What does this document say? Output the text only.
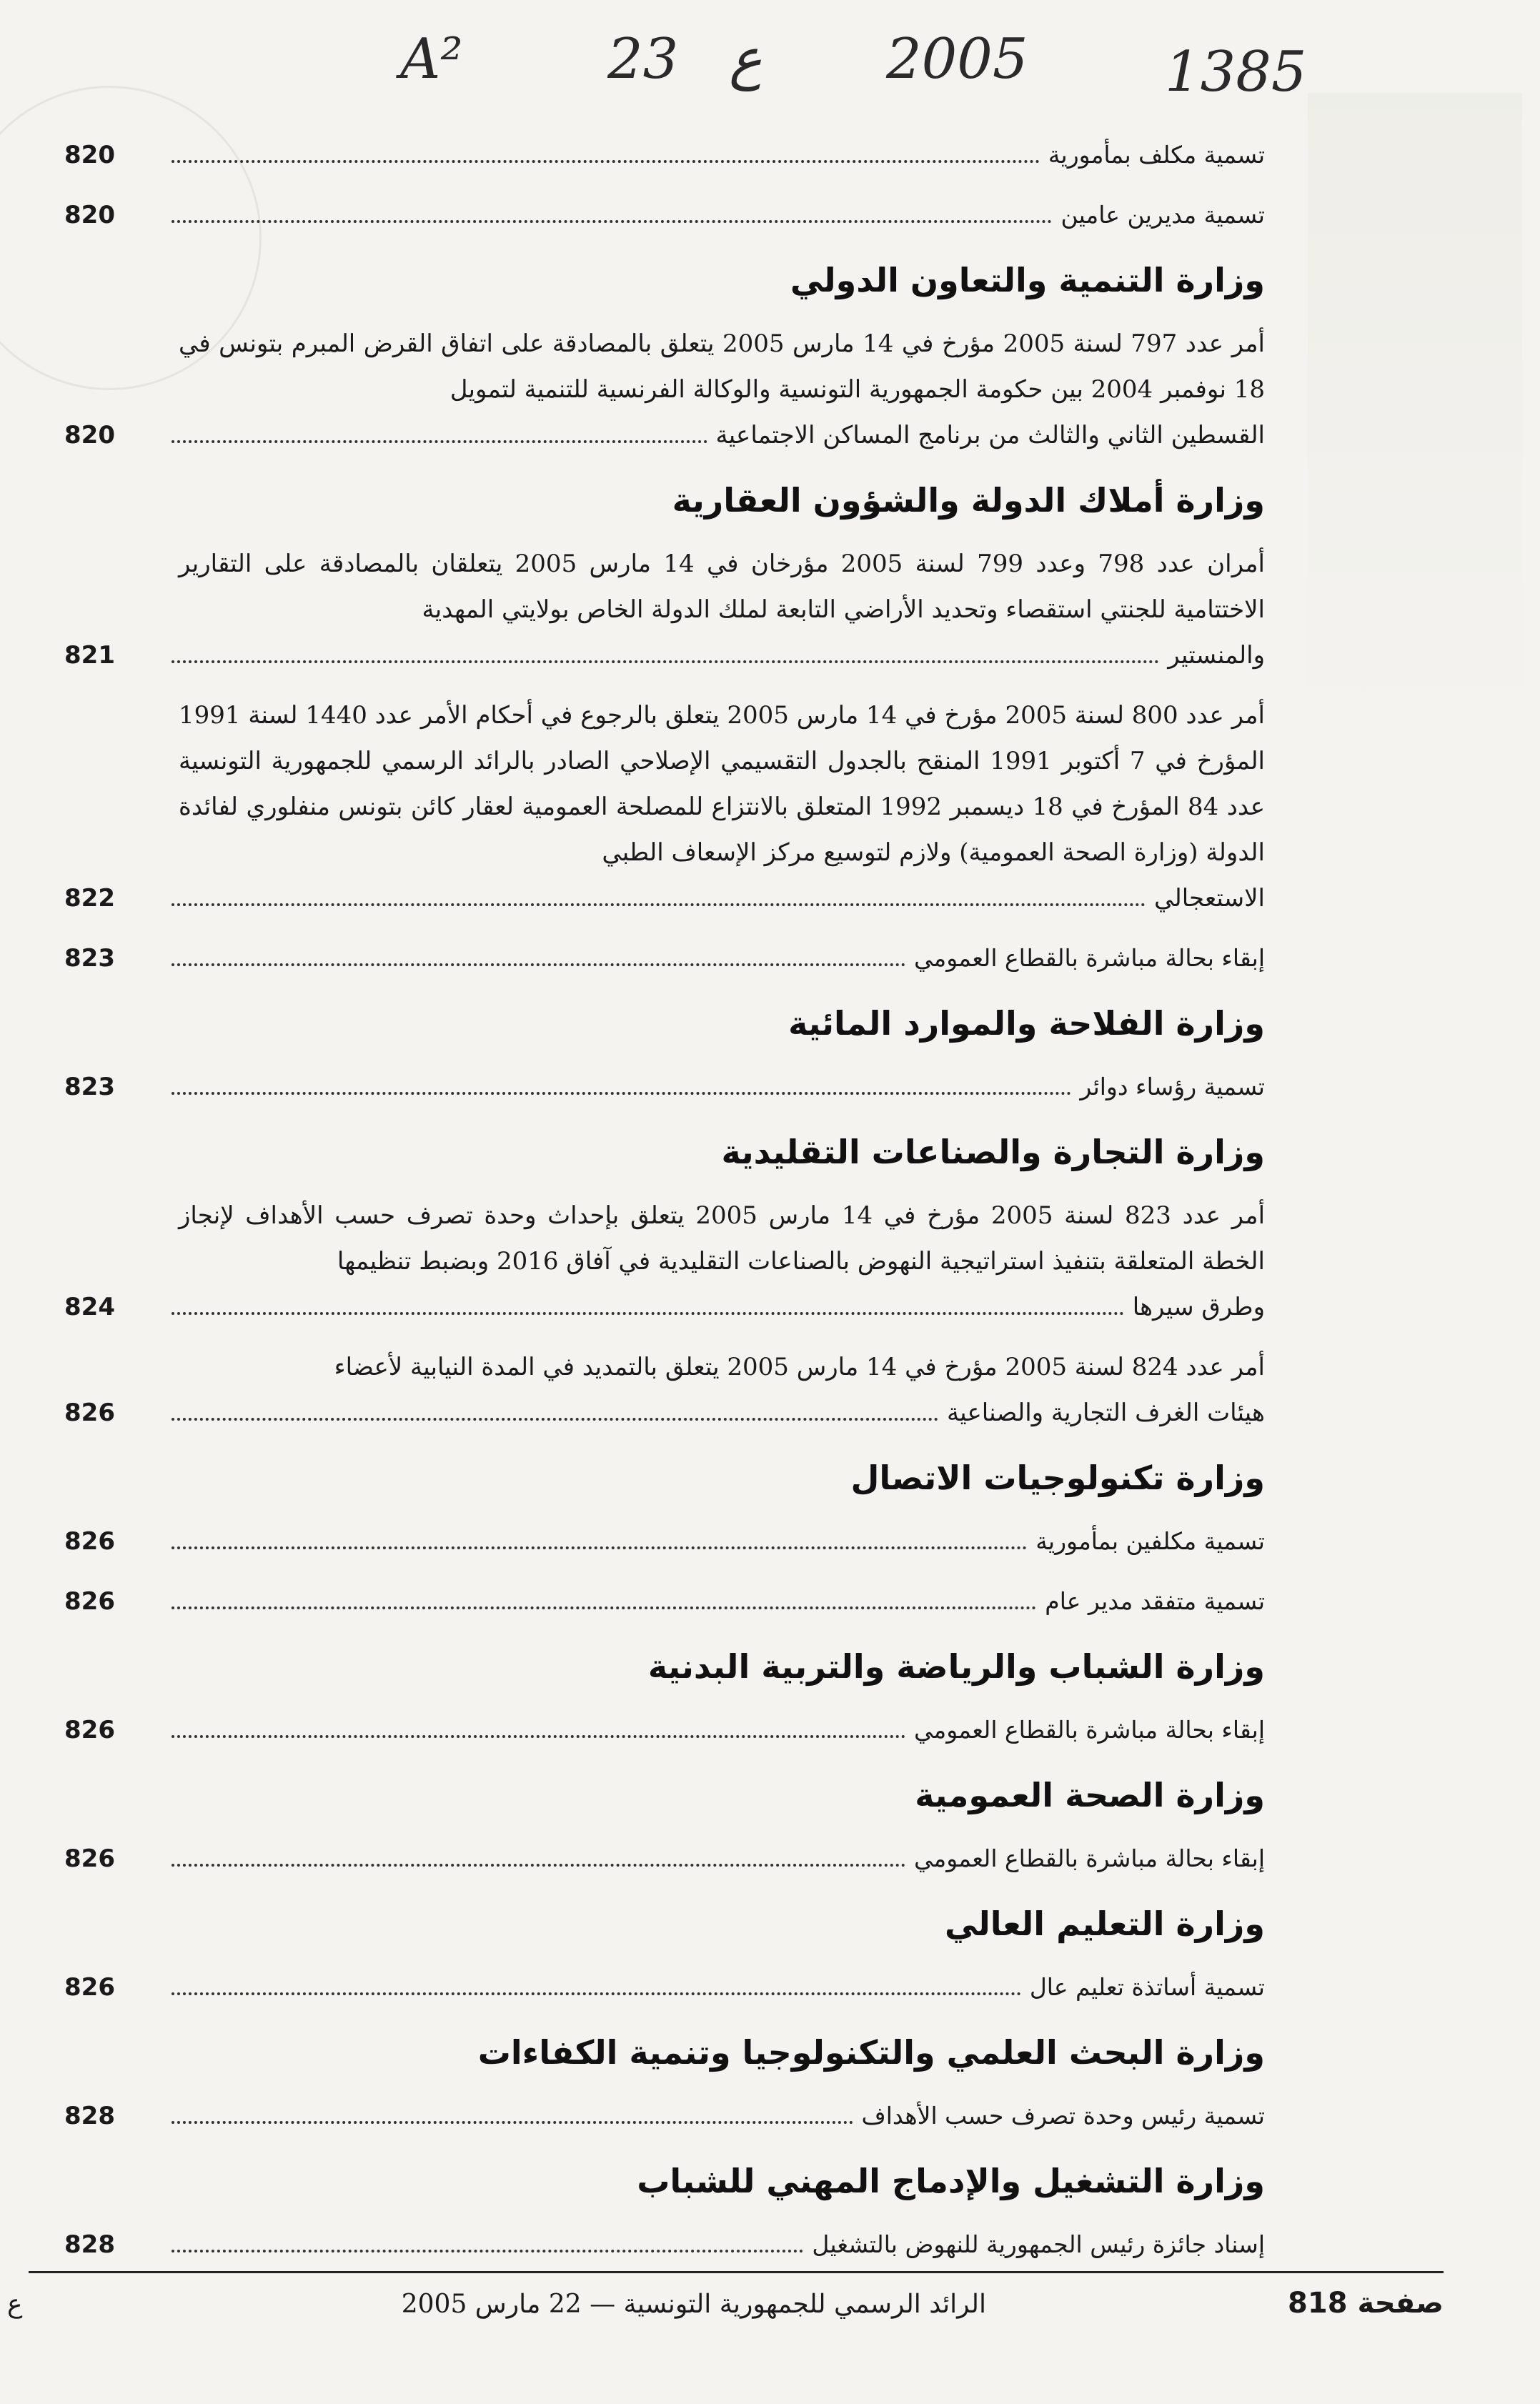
A²	23 ع 2005 1385
تسمية مكلف بمأمورية
820
تسمية مديرين عامين
820
وزارة التنمية والتعاون الدولي
أمر عدد 797 لسنة 2005 مؤرخ في 14 مارس 2005 يتعلق بالمصادقة على اتفاق القرض المبرم بتونس في 18 نوفمبر 2004 بين حكومة الجمهورية التونسية والوكالة الفرنسية للتنمية لتمويل
القسطين الثاني والثالث من برنامج المساكن الاجتماعية
820
وزارة أملاك الدولة والشؤون العقارية
أمران عدد 798 وعدد 799 لسنة 2005 مؤرخان في 14 مارس 2005 يتعلقان بالمصادقة على التقارير الاختتامية للجنتي استقصاء وتحديد الأراضي التابعة لملك الدولة الخاص بولايتي المهدية
والمنستير
821
أمر عدد 800 لسنة 2005 مؤرخ في 14 مارس 2005 يتعلق بالرجوع في أحكام الأمر عدد 1440 لسنة 1991 المؤرخ في 7 أكتوبر 1991 المنقح بالجدول التقسيمي الإصلاحي الصادر بالرائد الرسمي للجمهورية التونسية عدد 84 المؤرخ في 18 ديسمبر 1992 المتعلق بالانتزاع للمصلحة العمومية لعقار كائن بتونس منفلوري لفائدة الدولة (وزارة الصحة العمومية) ولازم لتوسيع مركز الإسعاف الطبي
الاستعجالي
822
إبقاء بحالة مباشرة بالقطاع العمومي
823
وزارة الفلاحة والموارد المائية
تسمية رؤساء دوائر
823
وزارة التجارة والصناعات التقليدية
أمر عدد 823 لسنة 2005 مؤرخ في 14 مارس 2005 يتعلق بإحداث وحدة تصرف حسب الأهداف لإنجاز الخطة المتعلقة بتنفيذ استراتيجية النهوض بالصناعات التقليدية في آفاق 2016 وبضبط تنظيمها
وطرق سيرها
824
أمر عدد 824 لسنة 2005 مؤرخ في 14 مارس 2005 يتعلق بالتمديد في المدة النيابية لأعضاء
هيئات الغرف التجارية والصناعية
826
وزارة تكنولوجيات الاتصال
تسمية مكلفين بمأمورية
826
تسمية متفقد مدير عام
826
وزارة الشباب والرياضة والتربية البدنية
إبقاء بحالة مباشرة بالقطاع العمومي
826
وزارة الصحة العمومية
إبقاء بحالة مباشرة بالقطاع العمومي
826
وزارة التعليم العالي
تسمية أساتذة تعليم عال
826
وزارة البحث العلمي والتكنولوجيا وتنمية الكفاءات
تسمية رئيس وحدة تصرف حسب الأهداف
828
وزارة التشغيل والإدماج المهني للشباب
إسناد جائزة رئيس الجمهورية للنهوض بالتشغيل
828
صفحة 818
الرائد الرسمي للجمهورية التونسية — 22 مارس 2005
ع
